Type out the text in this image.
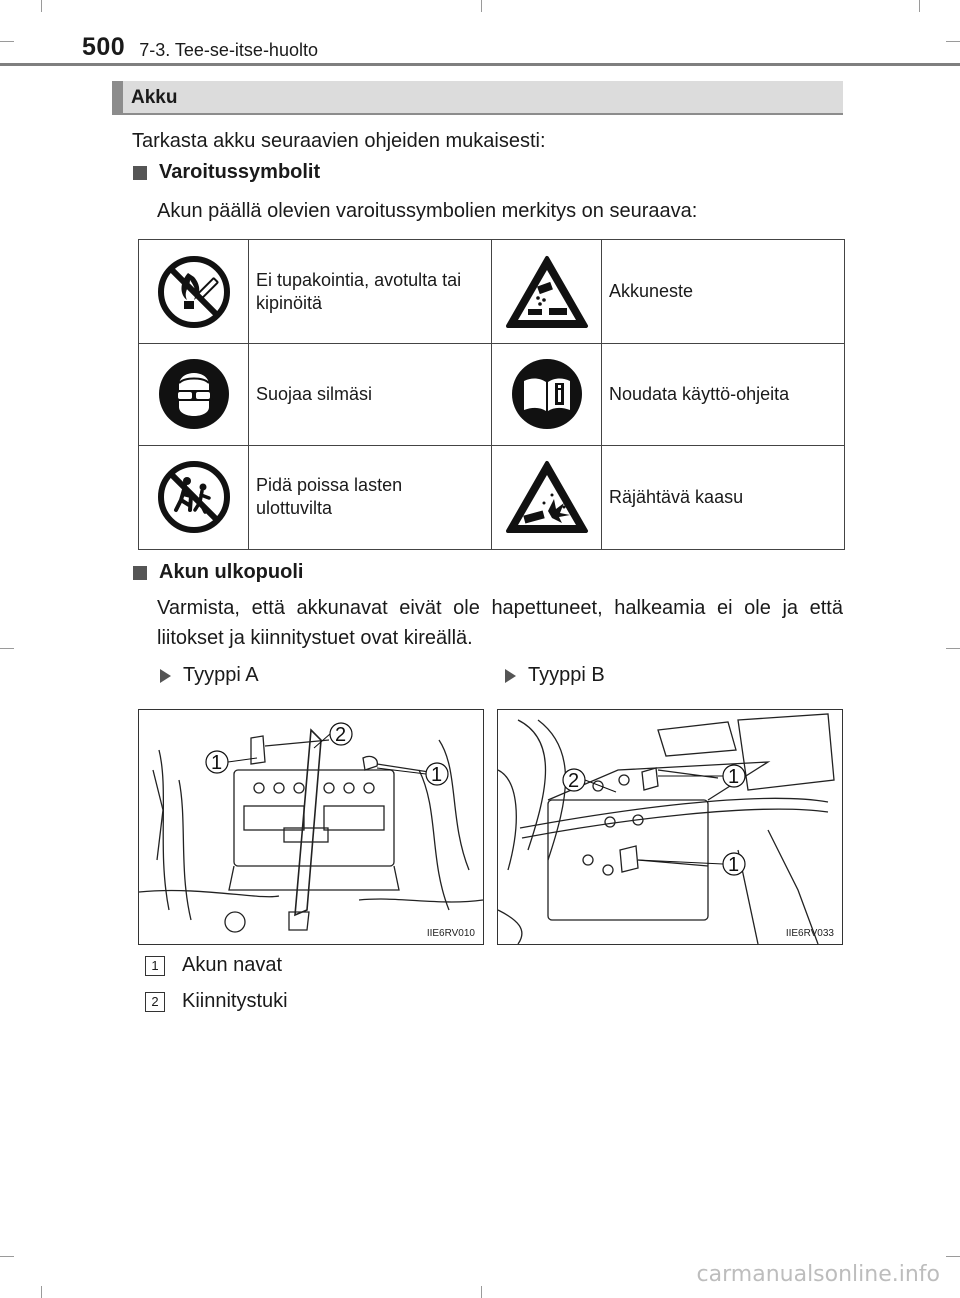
500 7-3. Tee-se-itse-huolto
Akku
Tarkasta akku seuraavien ohjeiden mukaisesti:
Varoitussymbolit
Akun päällä olevien varoitussymbolien merkitys on seuraava:
	Ei tupakointia, avotulta tai kipinöitä		Akkuneste

	Suojaa silmäsi		Noudata käyttö-ohjeita

	Pidä poissa lasten ulottuvilta		Räjähtävä kaasu
Akun ulkopuoli
Varmista, että akkunavat eivät ole hapettuneet, halkeamia ei ole ja että liitokset ja kiinnitystuet ovat kireällä.
Tyyppi A	Tyyppi B
1
2
1
IIE6RV010
2	1
1
IIE6RV033
1	Akun navat
2	Kiinnitystuki
carmanualsonline.info
